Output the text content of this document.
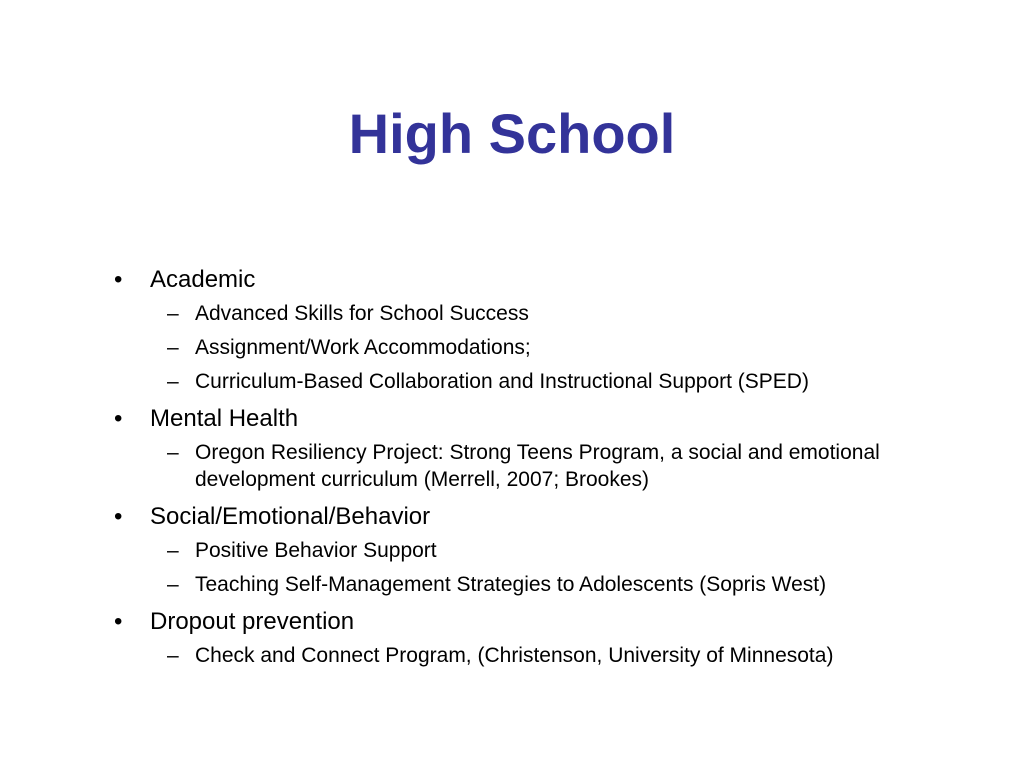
High School
• Academic
– Advanced Skills for School Success
– Assignment/Work Accommodations;
– Curriculum-Based Collaboration and Instructional Support (SPED)
• Mental Health
– Oregon Resiliency Project: Strong Teens Program, a social and emotional development curriculum (Merrell, 2007; Brookes)
• Social/Emotional/Behavior
– Positive Behavior Support
– Teaching Self-Management Strategies to Adolescents (Sopris West)
• Dropout prevention
– Check and Connect Program, (Christenson, University of Minnesota)
